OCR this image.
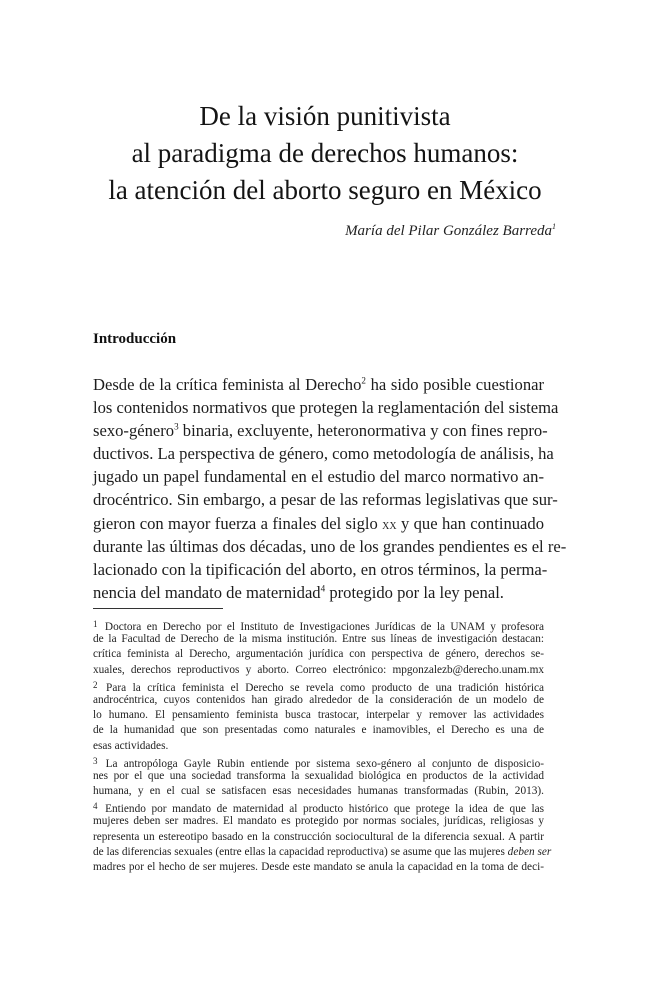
De la visión punitivista
al paradigma de derechos humanos:
la atención del aborto seguro en México
María del Pilar González Barreda$^1$
Introducción
Desde de la crítica feminista al Derecho$^2$ ha sido posible cuestionar
los contenidos normativos que protegen la reglamentación del sistema
sexo-género$^3$ binaria, excluyente, heteronormativa y con fines repro-
ductivos. La perspectiva de género, como metodología de análisis, ha
jugado un papel fundamental en el estudio del marco normativo an-
drocéntrico. Sin embargo, a pesar de las reformas legislativas que sur-
gieron con mayor fuerza a finales del siglo xx y que han continuado
durante las últimas dos décadas, uno de los grandes pendientes es el re-
lacionado con la tipificación del aborto, en otros términos, la perma-
nencia del mandato de maternidad$^4$ protegido por la ley penal.
$^1$ Doctora en Derecho por el Instituto de Investigaciones Jurídicas de la UNAM y profesora
de la Facultad de Derecho de la misma institución. Entre sus líneas de investigación destacan:
crítica feminista al Derecho, argumentación jurídica con perspectiva de género, derechos se-
xuales, derechos reproductivos y aborto. Correo electrónico: mpgonzalezb@derecho.unam.mx
$^2$ Para la crítica feminista el Derecho se revela como producto de una tradición histórica
androcéntrica, cuyos contenidos han girado alrededor de la consideración de un modelo de
lo humano. El pensamiento feminista busca trastocar, interpelar y remover las actividades
de la humanidad que son presentadas como naturales e inamovibles, el Derecho es una de
esas actividades.
$^3$ La antropóloga Gayle Rubin entiende por sistema sexo-género al conjunto de disposicio-
nes por el que una sociedad transforma la sexualidad biológica en productos de la actividad
humana, y en el cual se satisfacen esas necesidades humanas transformadas (Rubin, 2013).
$^4$ Entiendo por mandato de maternidad al producto histórico que protege la idea de que las
mujeres deben ser madres. El mandato es protegido por normas sociales, jurídicas, religiosas y
representa un estereotipo basado en la construcción sociocultural de la diferencia sexual. A partir
de las diferencias sexuales (entre ellas la capacidad reproductiva) se asume que las mujeres deben ser
madres por el hecho de ser mujeres. Desde este mandato se anula la capacidad en la toma de deci-
